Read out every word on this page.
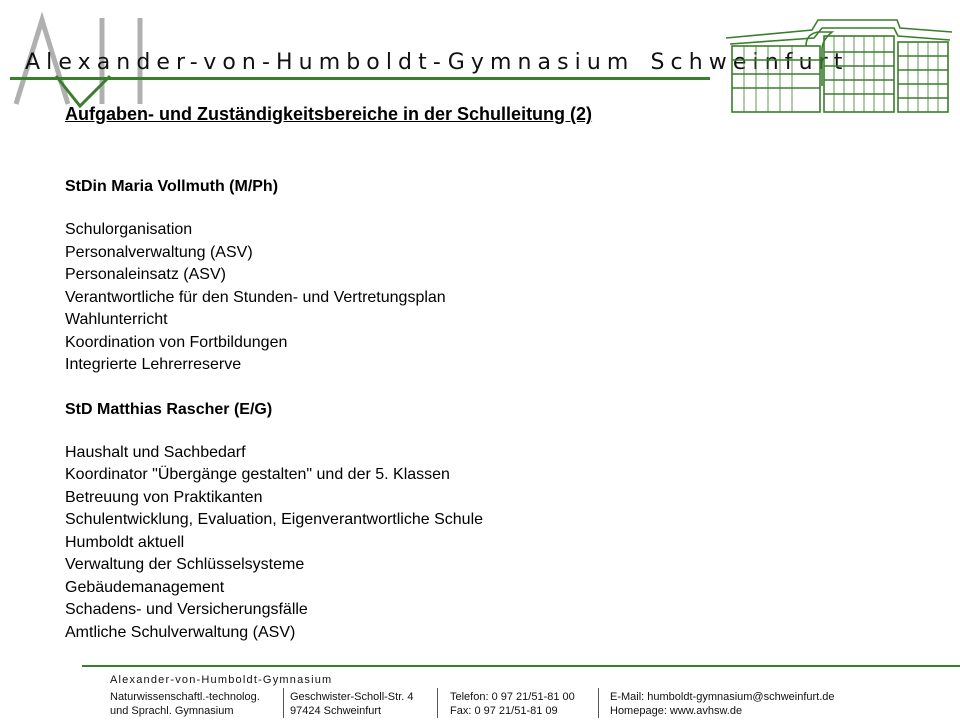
Alexander-von-Humboldt-Gymnasium Schweinfurt
Aufgaben- und Zuständigkeitsbereiche in der Schulleitung (2)
StDin Maria Vollmuth (M/Ph)
Schulorganisation
Personalverwaltung (ASV)
Personaleinsatz (ASV)
Verantwortliche für den Stunden- und Vertretungsplan
Wahlunterricht
Koordination von Fortbildungen
Integrierte Lehrerreserve
StD Matthias Rascher (E/G)
Haushalt und Sachbedarf
Koordinator "Übergänge gestalten" und der 5. Klassen
Betreuung von Praktikanten
Schulentwicklung, Evaluation, Eigenverantwortliche Schule
Humboldt aktuell
Verwaltung der Schlüsselsysteme
Gebäudemanagement
Schadens- und Versicherungsfälle
Amtliche Schulverwaltung (ASV)
Alexander-von-Humboldt-Gymnasium
Naturwissenschaftl.-technolog.
und Sprachl. Gymnasium
Geschwister-Scholl-Str. 4
97424 Schweinfurt
Telefon: 0 97 21/51-81 00
Fax: 0 97 21/51-81 09
E-Mail: humboldt-gymnasium@schweinfurt.de
Homepage: www.avhsw.de
